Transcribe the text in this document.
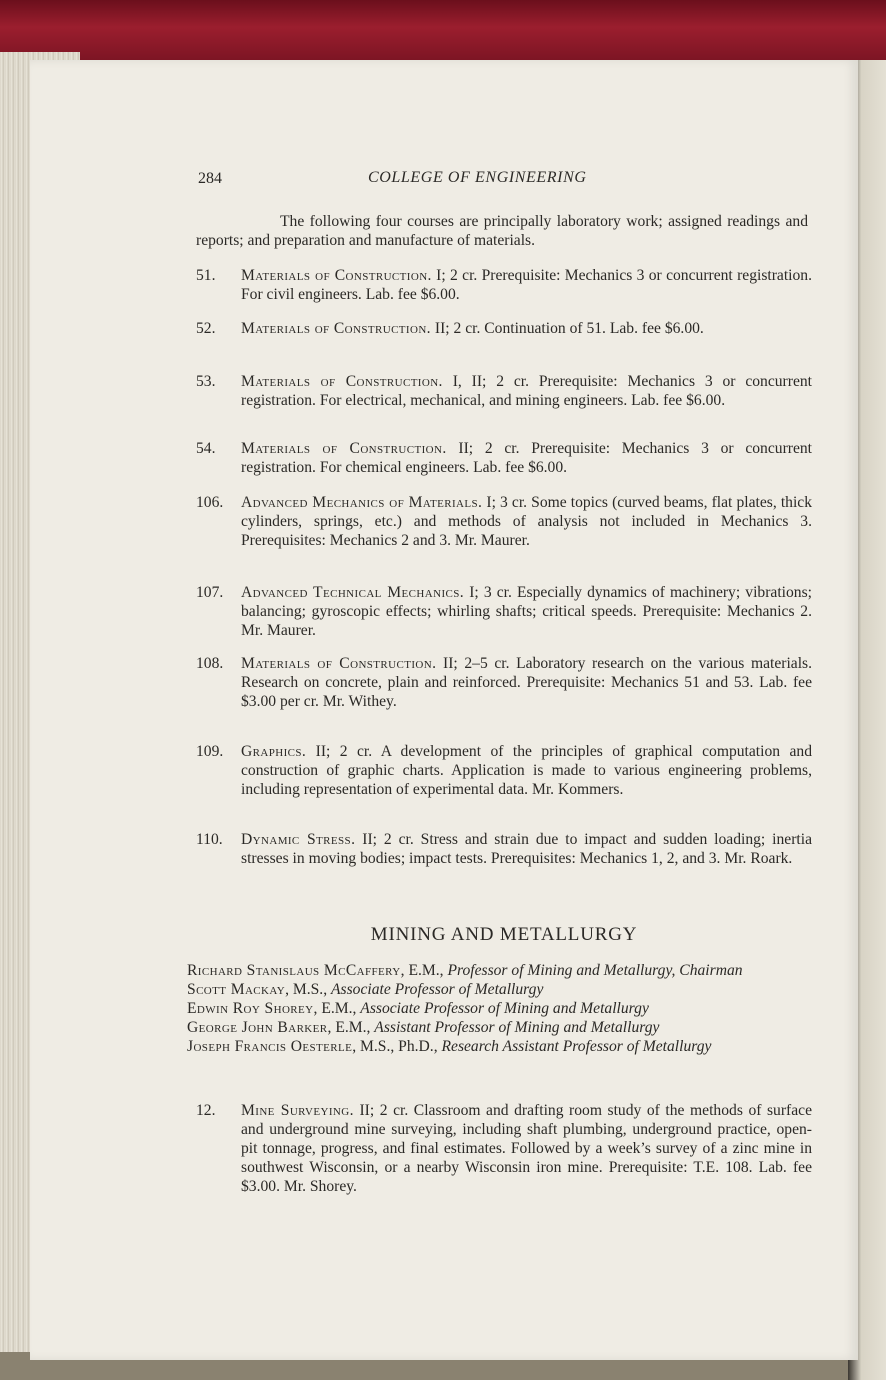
284	COLLEGE OF ENGINEERING

The following four courses are principally laboratory work; assigned readings and reports; and preparation and manufacture of materials.

51.	Materials of Construction. I; 2 cr. Prerequisite: Mechanics 3 or concurrent registration. For civil engineers. Lab. fee $6.00.
52.	Materials of Construction. II; 2 cr. Continuation of 51. Lab. fee $6.00.
53.	Materials of Construction. I, II; 2 cr. Prerequisite: Mechanics 3 or concurrent registration. For electrical, mechanical, and mining engineers. Lab. fee $6.00.
54.	Materials of Construction. II; 2 cr. Prerequisite: Mechanics 3 or concurrent registration. For chemical engineers. Lab. fee $6.00.
106.	Advanced Mechanics of Materials. I; 3 cr. Some topics (curved beams, flat plates, thick cylinders, springs, etc.) and methods of analysis not included in Mechanics 3. Prerequisites: Mechanics 2 and 3. Mr. Maurer.
107.	Advanced Technical Mechanics. I; 3 cr. Especially dynamics of machinery; vibrations; balancing; gyroscopic effects; whirling shafts; critical speeds. Prerequisite: Mechanics 2. Mr. Maurer.
108.	Materials of Construction. II; 2–5 cr. Laboratory research on the various materials. Research on concrete, plain and reinforced. Prerequisite: Mechanics 51 and 53. Lab. fee $3.00 per cr. Mr. Withey.
109.	Graphics. II; 2 cr. A development of the principles of graphical computation and construction of graphic charts. Application is made to various engineering problems, including representation of experimental data. Mr. Kommers.
110.	Dynamic Stress. II; 2 cr. Stress and strain due to impact and sudden loading; inertia stresses in moving bodies; impact tests. Prerequisites: Mechanics 1, 2, and 3. Mr. Roark.
MINING AND METALLURGY
Richard Stanislaus McCaffery, E.M., Professor of Mining and Metallurgy, Chairman
Scott Mackay, M.S., Associate Professor of Metallurgy
Edwin Roy Shorey, E.M., Associate Professor of Mining and Metallurgy
George John Barker, E.M., Assistant Professor of Mining and Metallurgy
Joseph Francis Oesterle, M.S., Ph.D., Research Assistant Professor of Metallurgy
12.	Mine Surveying. II; 2 cr. Classroom and drafting room study of the methods of surface and underground mine surveying, including shaft plumbing, underground practice, open-pit tonnage, progress, and final estimates. Followed by a week’s survey of a zinc mine in southwest Wisconsin, or a nearby Wisconsin iron mine. Prerequisite: T.E. 108. Lab. fee $3.00. Mr. Shorey.
